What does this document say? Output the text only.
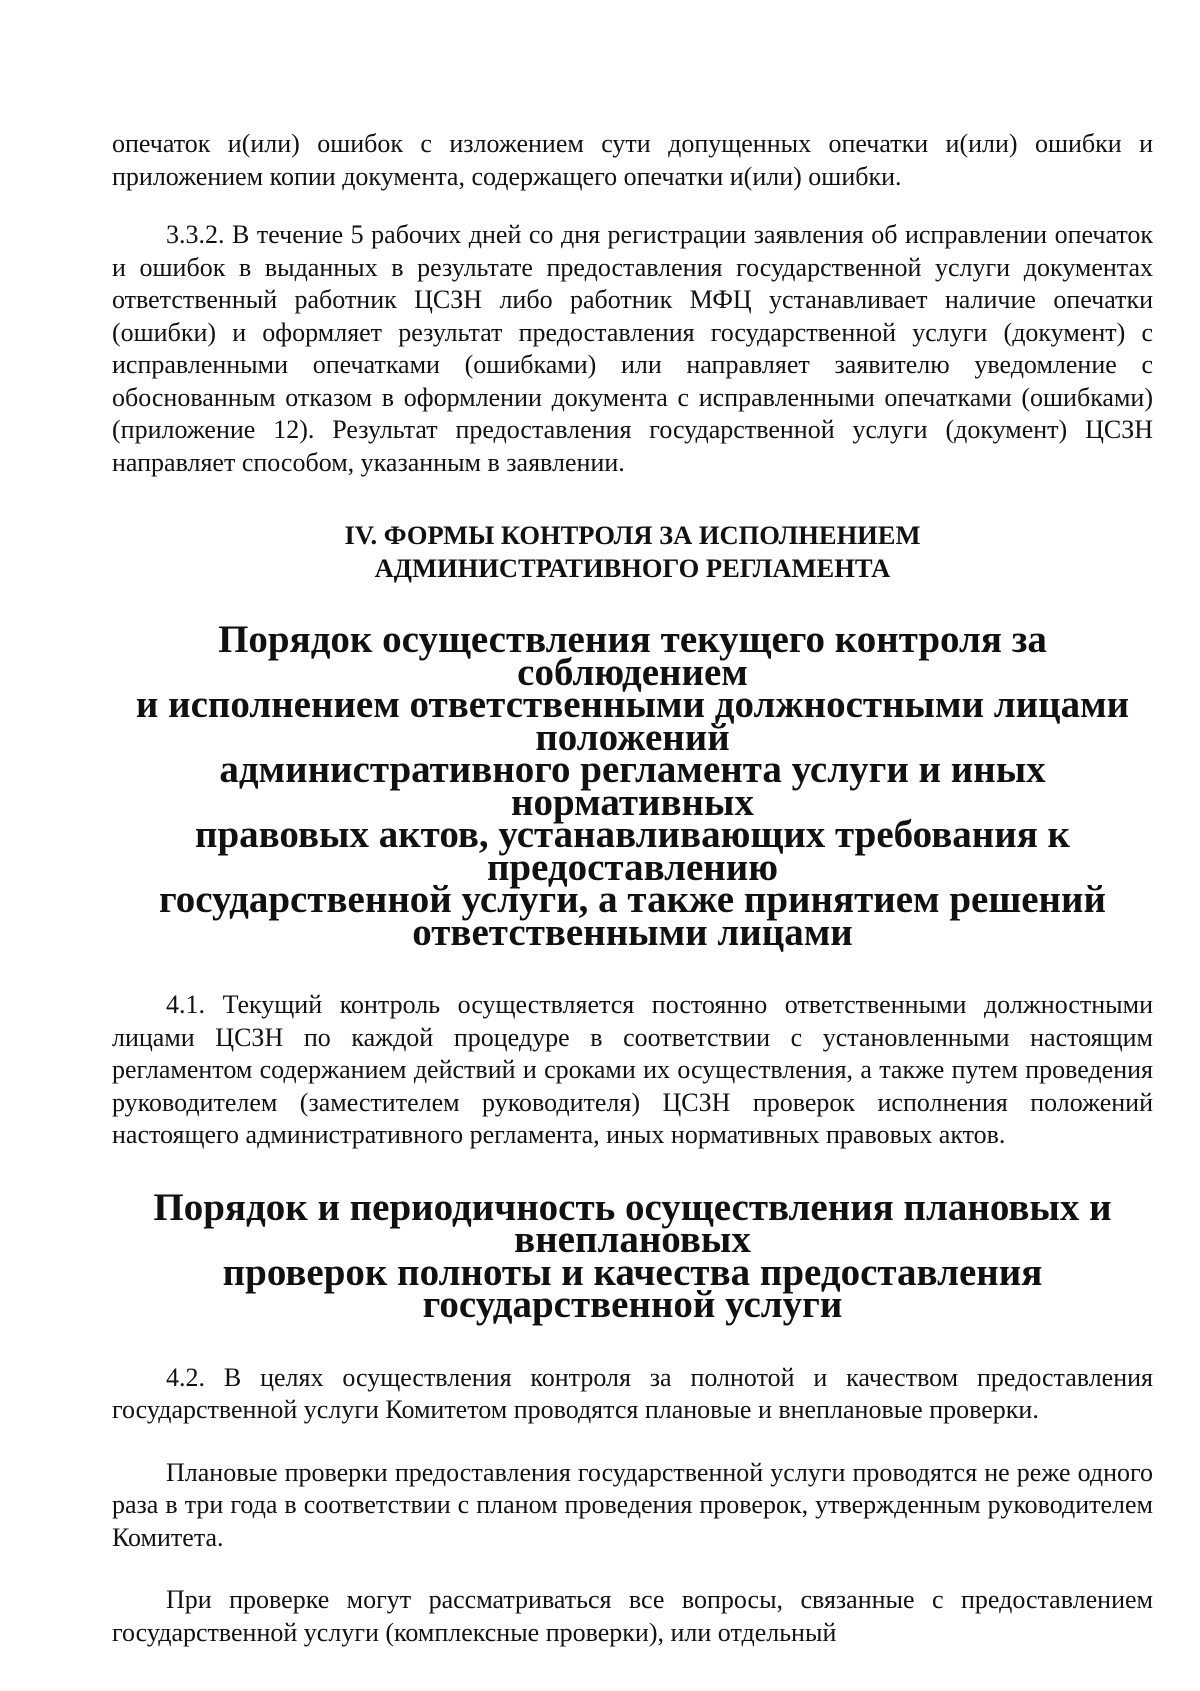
опечаток и(или) ошибок с изложением сути допущенных опечатки и(или) ошибки и приложением копии документа, содержащего опечатки и(или) ошибки.

3.3.2. В течение 5 рабочих дней со дня регистрации заявления об исправлении опечаток и ошибок в выданных в результате предоставления государственной услуги документах ответственный работник ЦСЗН либо работник МФЦ устанавливает наличие опечатки (ошибки) и оформляет результат предоставления государственной услуги (документ) с исправленными опечатками (ошибками) или направляет заявителю уведомление с обоснованным отказом в оформлении документа с исправленными опечатками (ошибками) (приложение 12). Результат предоставления государственной услуги (документ) ЦСЗН направляет способом, указанным в заявлении.

IV. ФОРМЫ КОНТРОЛЯ ЗА ИСПОЛНЕНИЕМ
АДМИНИСТРАТИВНОГО РЕГЛАМЕНТА
Порядок осуществления текущего контроля за соблюдением
и исполнением ответственными должностными лицами положений
административного регламента услуги и иных нормативных
правовых актов, устанавливающих требования к предоставлению
государственной услуги, а также принятием решений
ответственными лицами

4.1. Текущий контроль осуществляется постоянно ответственными должностными лицами ЦСЗН по каждой процедуре в соответствии с установленными настоящим регламентом содержанием действий и сроками их осуществления, а также путем проведения руководителем (заместителем руководителя) ЦСЗН проверок исполнения положений настоящего административного регламента, иных нормативных правовых актов.

Порядок и периодичность осуществления плановых и внеплановых
проверок полноты и качества предоставления
государственной услуги

4.2. В целях осуществления контроля за полнотой и качеством предоставления государственной услуги Комитетом проводятся плановые и внеплановые проверки.

Плановые проверки предоставления государственной услуги проводятся не реже одного раза в три года в соответствии с планом проведения проверок, утвержденным руководителем Комитета.

При проверке могут рассматриваться все вопросы, связанные с предоставлением государственной услуги (комплексные проверки), или отдельный
